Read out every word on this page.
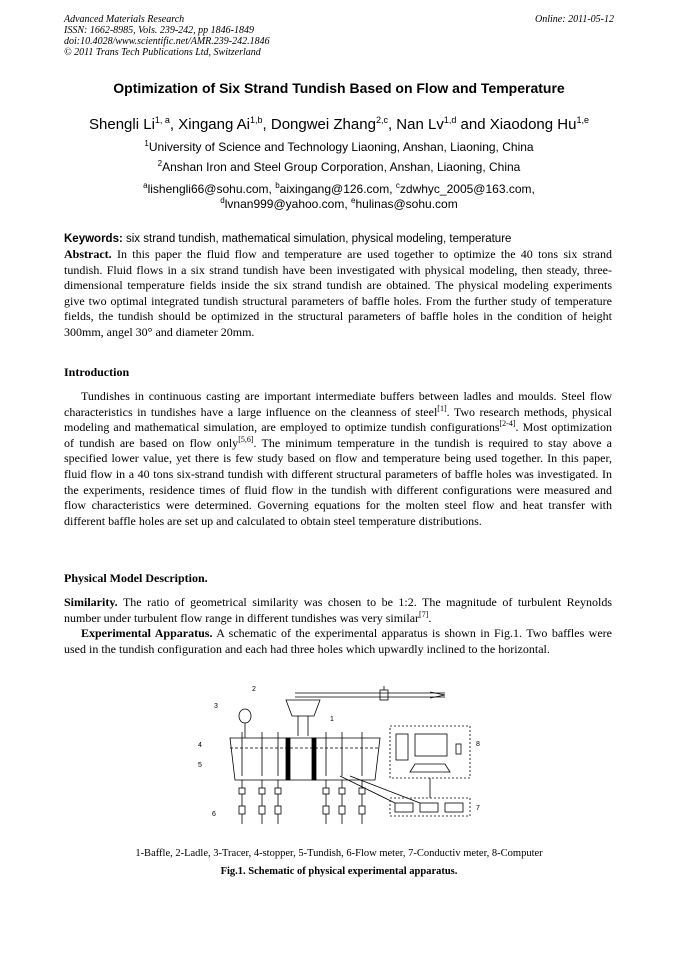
Advanced Materials Research
ISSN: 1662-8985, Vols. 239-242, pp 1846-1849
doi:10.4028/www.scientific.net/AMR.239-242.1846
© 2011 Trans Tech Publications Ltd, Switzerland
Online: 2011-05-12
Optimization of Six Strand Tundish Based on Flow and Temperature
Shengli Li$^{1, a}$, Xingang Ai$^{1,b}$, Dongwei Zhang$^{2,c}$, Nan Lv$^{1,d}$ and Xiaodong Hu$^{1,e}$
$^1$University of Science and Technology Liaoning, Anshan, Liaoning, China
$^2$Anshan Iron and Steel Group Corporation, Anshan, Liaoning, China
$^a$lishengli66@sohu.com, $^b$aixingang@126.com, $^c$zdwhyc_2005@163.com,
$^d$lvnan999@yahoo.com, $^e$hulinas@sohu.com
Keywords: six strand tundish, mathematical simulation, physical modeling, temperature
Abstract. In this paper the fluid flow and temperature are used together to optimize the 40 tons six strand tundish. Fluid flows in a six strand tundish have been investigated with physical modeling, then steady, three-dimensional temperature fields inside the six strand tundish are obtained. The physical modeling experiments give two optimal integrated tundish structural parameters of baffle holes. From the further study of temperature fields, the tundish should be optimized in the structural parameters of baffle holes in the condition of height 300mm, angel 30° and diameter 20mm.
Introduction
Tundishes in continuous casting are important intermediate buffers between ladles and moulds. Steel flow characteristics in tundishes have a large influence on the cleanness of steel[1]. Two research methods, physical modeling and mathematical simulation, are employed to optimize tundish configurations[2-4]. Most optimization of tundish are based on flow only[5,6]. The minimum temperature in the tundish is required to stay above a specified lower value, yet there is few study based on flow and temperature being used together. In this paper, fluid flow in a 40 tons six-strand tundish with different structural parameters of baffle holes was investigated. In the experiments, residence times of fluid flow in the tundish with different configurations were measured and flow characteristics were determined. Governing equations for the molten steel flow and heat transfer with different baffle holes are set up and calculated to obtain steel temperature distributions.
Physical Model Description.
Similarity. The ratio of geometrical similarity was chosen to be 1:2. The magnitude of turbulent Reynolds number under turbulent flow range in different tundishes was very similar[7].
Experimental Apparatus. A schematic of the experimental apparatus is shown in Fig.1. Two baffles were used in the tundish configuration and each had three holes which upwardly inclined to the horizontal.
1
2
3
4
5
6
7
8
1-Baffle, 2-Ladle, 3-Tracer, 4-stopper, 5-Tundish, 6-Flow meter, 7-Conductiv meter, 8-Computer
Fig.1. Schematic of physical experimental apparatus.
